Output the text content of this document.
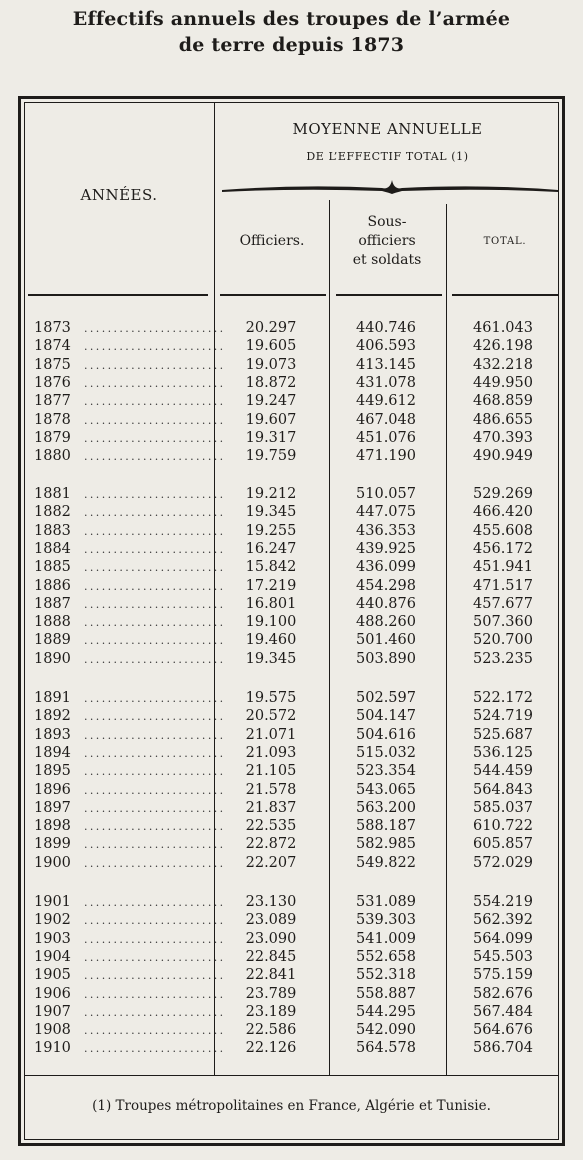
Effectifs annuels des troupes de l’armée
de terre depuis 1873
MOYENNE ANNUELLE
DE L’EFFECTIF TOTAL (1)
ANNÉES.
Officiers.
Sous-
officiers
et soldats
TOTAL.
1873	........................	20.297	440.746	461.043
1874	........................	19.605	406.593	426.198
1875	........................	19.073	413.145	432.218
1876	........................	18.872	431.078	449.950
1877	........................	19.247	449.612	468.859
1878	........................	19.607	467.048	486.655
1879	........................	19.317	451.076	470.393
1880	........................	19.759	471.190	490.949
1881	........................	19.212	510.057	529.269
1882	........................	19.345	447.075	466.420
1883	........................	19.255	436.353	455.608
1884	........................	16.247	439.925	456.172
1885	........................	15.842	436.099	451.941
1886	........................	17.219	454.298	471.517
1887	........................	16.801	440.876	457.677
1888	........................	19.100	488.260	507.360
1889	........................	19.460	501.460	520.700
1890	........................	19.345	503.890	523.235
1891	........................	19.575	502.597	522.172
1892	........................	20.572	504.147	524.719
1893	........................	21.071	504.616	525.687
1894	........................	21.093	515.032	536.125
1895	........................	21.105	523.354	544.459
1896	........................	21.578	543.065	564.843
1897	........................	21.837	563.200	585.037
1898	........................	22.535	588.187	610.722
1899	........................	22.872	582.985	605.857
1900	........................	22.207	549.822	572.029
1901	........................	23.130	531.089	554.219
1902	........................	23.089	539.303	562.392
1903	........................	23.090	541.009	564.099
1904	........................	22.845	552.658	545.503
1905	........................	22.841	552.318	575.159
1906	........................	23.789	558.887	582.676
1907	........................	23.189	544.295	567.484
1908	........................	22.586	542.090	564.676
1910	........................	22.126	564.578	586.704
(1) Troupes métropolitaines en France, Algérie et Tunisie.
